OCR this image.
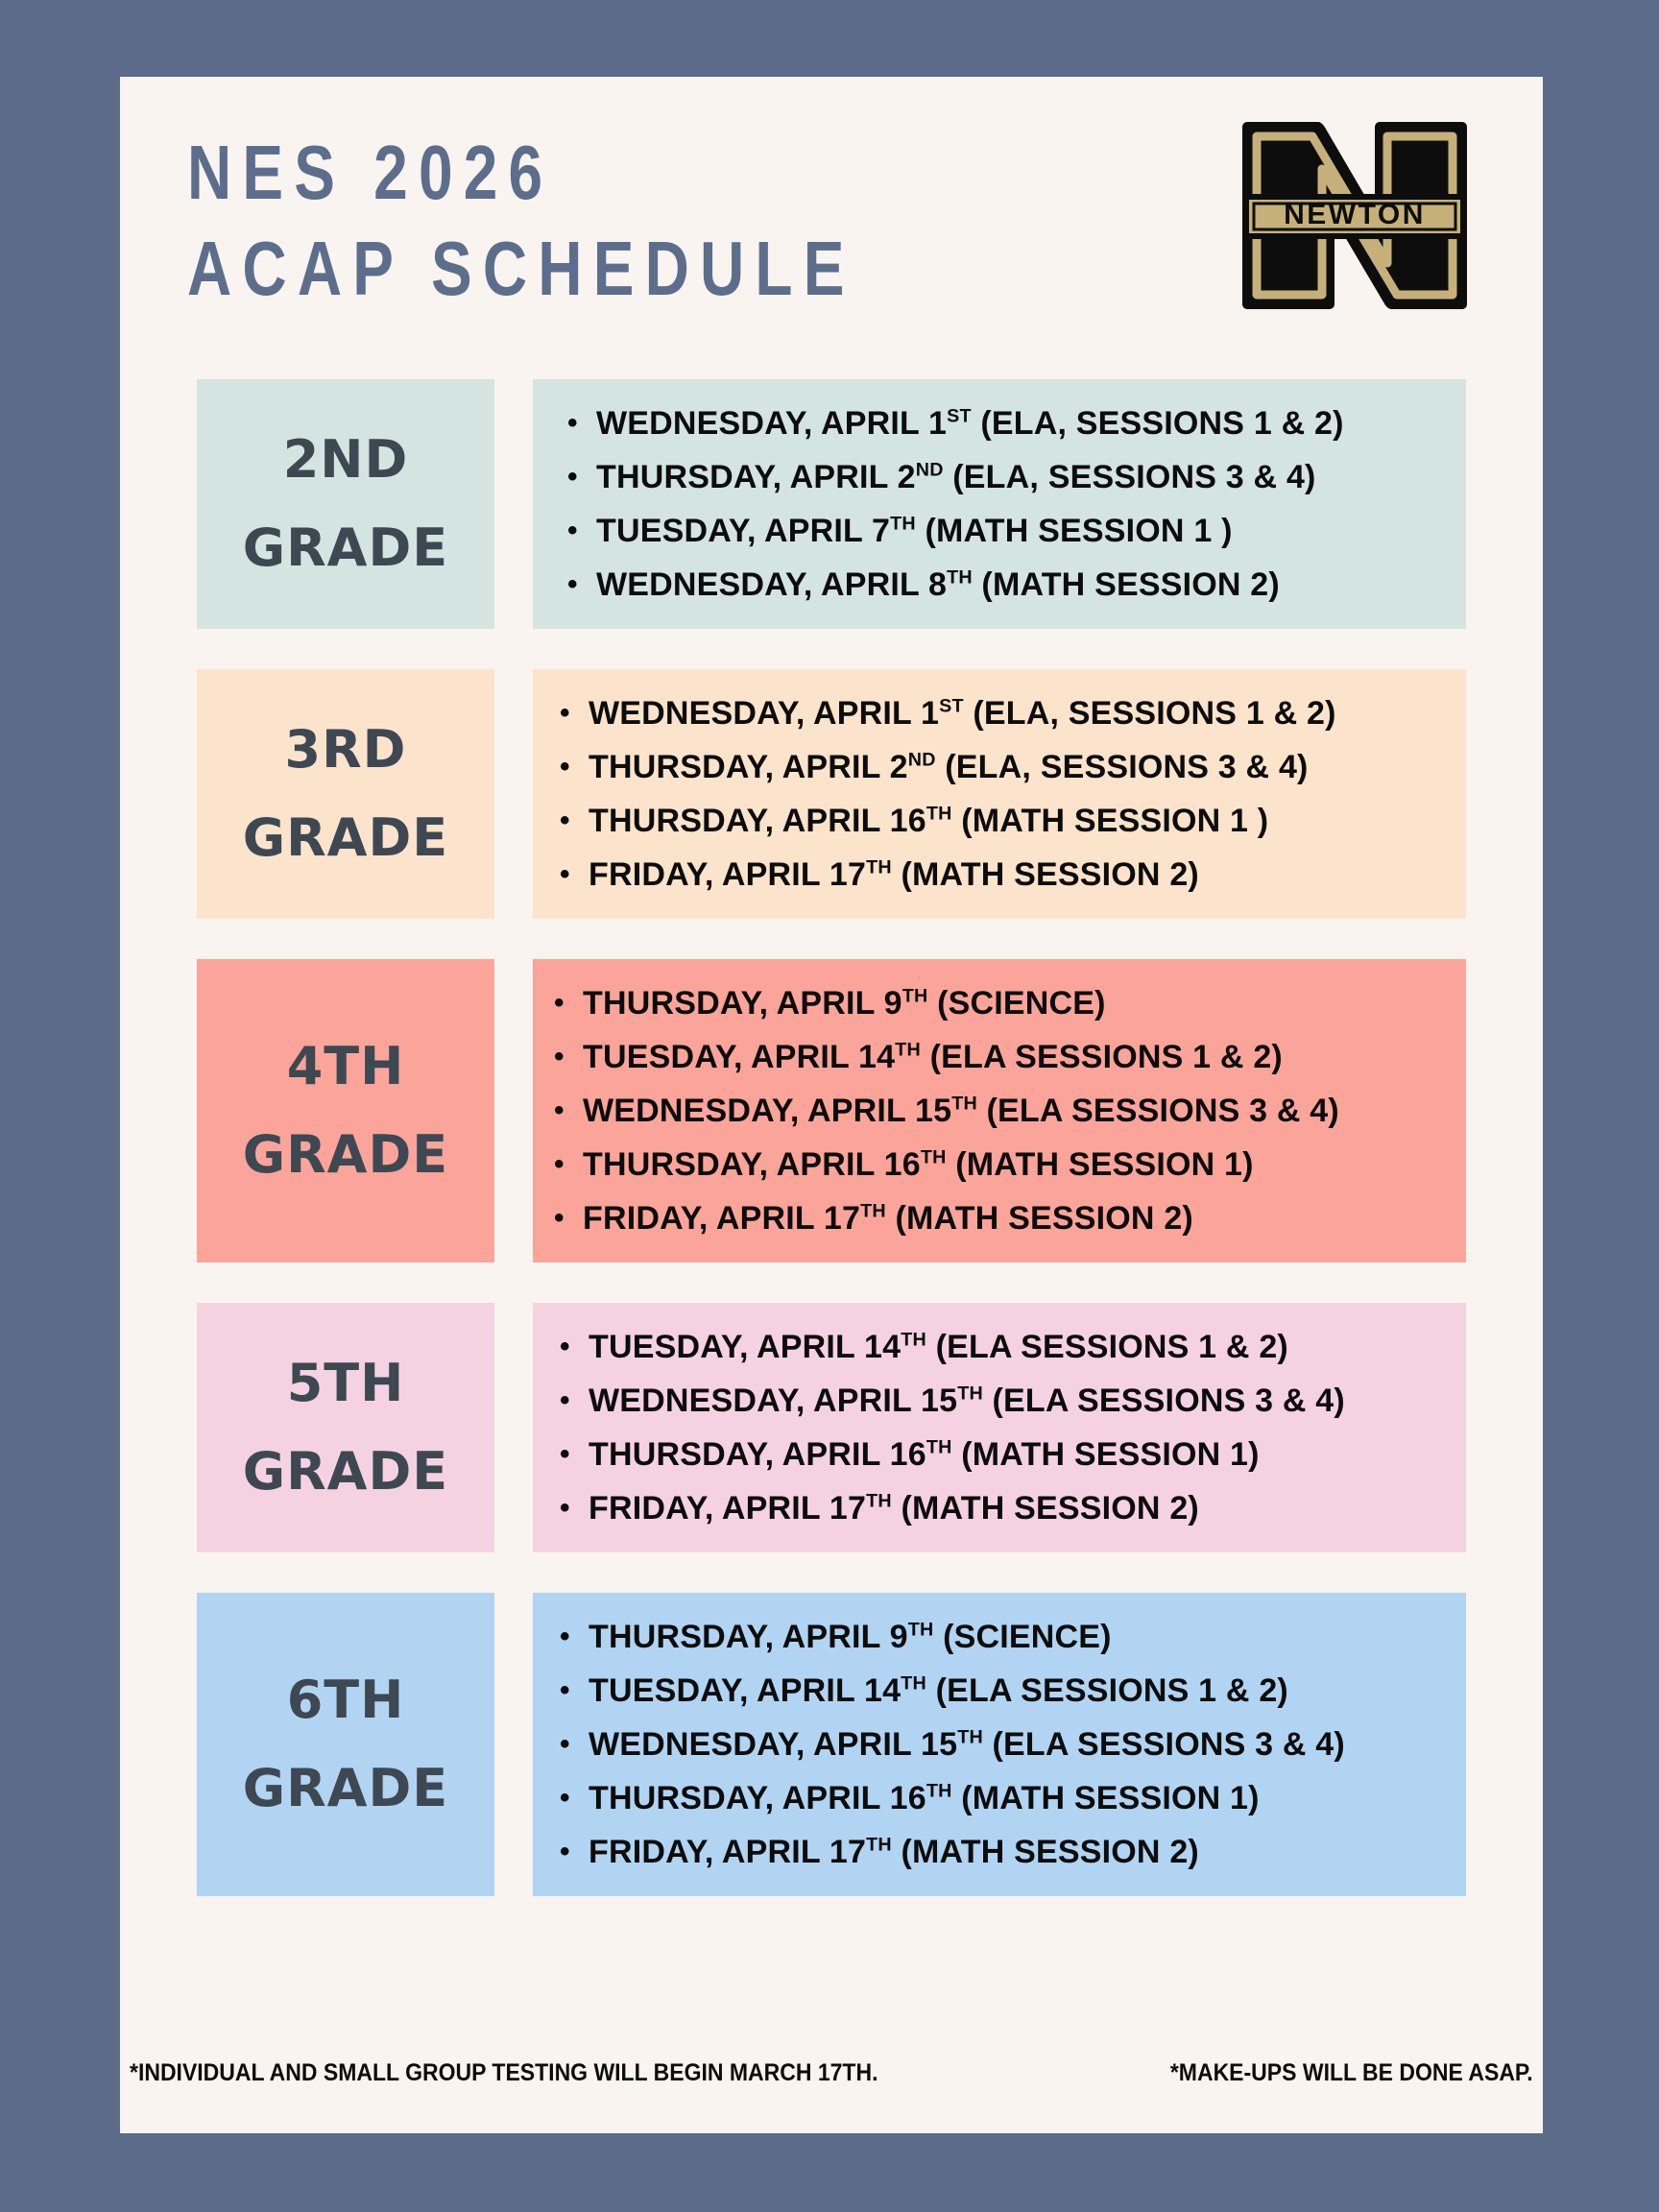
NES 2026
ACAP SCHEDULE
NEWTON
2ND
GRADE
• WEDNESDAY, APRIL 1ST (ELA, SESSIONS 1 & 2)
• THURSDAY, APRIL 2ND (ELA, SESSIONS 3 & 4)
• TUESDAY, APRIL 7TH (MATH SESSION 1 )
• WEDNESDAY, APRIL 8TH (MATH SESSION 2)
3RD
GRADE
• WEDNESDAY, APRIL 1ST (ELA, SESSIONS 1 & 2)
• THURSDAY, APRIL 2ND (ELA, SESSIONS 3 & 4)
• THURSDAY, APRIL 16TH (MATH SESSION 1 )
• FRIDAY, APRIL 17TH (MATH SESSION 2)
4TH
GRADE
• THURSDAY, APRIL 9TH (SCIENCE)
• TUESDAY, APRIL 14TH (ELA SESSIONS 1 & 2)
• WEDNESDAY, APRIL 15TH (ELA SESSIONS 3 & 4)
• THURSDAY, APRIL 16TH (MATH SESSION 1)
• FRIDAY, APRIL 17TH (MATH SESSION 2)
5TH
GRADE
• TUESDAY, APRIL 14TH (ELA SESSIONS 1 & 2)
• WEDNESDAY, APRIL 15TH (ELA SESSIONS 3 & 4)
• THURSDAY, APRIL 16TH (MATH SESSION 1)
• FRIDAY, APRIL 17TH (MATH SESSION 2)
6TH
GRADE
• THURSDAY, APRIL 9TH (SCIENCE)
• TUESDAY, APRIL 14TH (ELA SESSIONS 1 & 2)
• WEDNESDAY, APRIL 15TH (ELA SESSIONS 3 & 4)
• THURSDAY, APRIL 16TH (MATH SESSION 1)
• FRIDAY, APRIL 17TH (MATH SESSION 2)
*INDIVIDUAL AND SMALL GROUP TESTING WILL BEGIN MARCH 17TH.	*MAKE-UPS WILL BE DONE ASAP.
